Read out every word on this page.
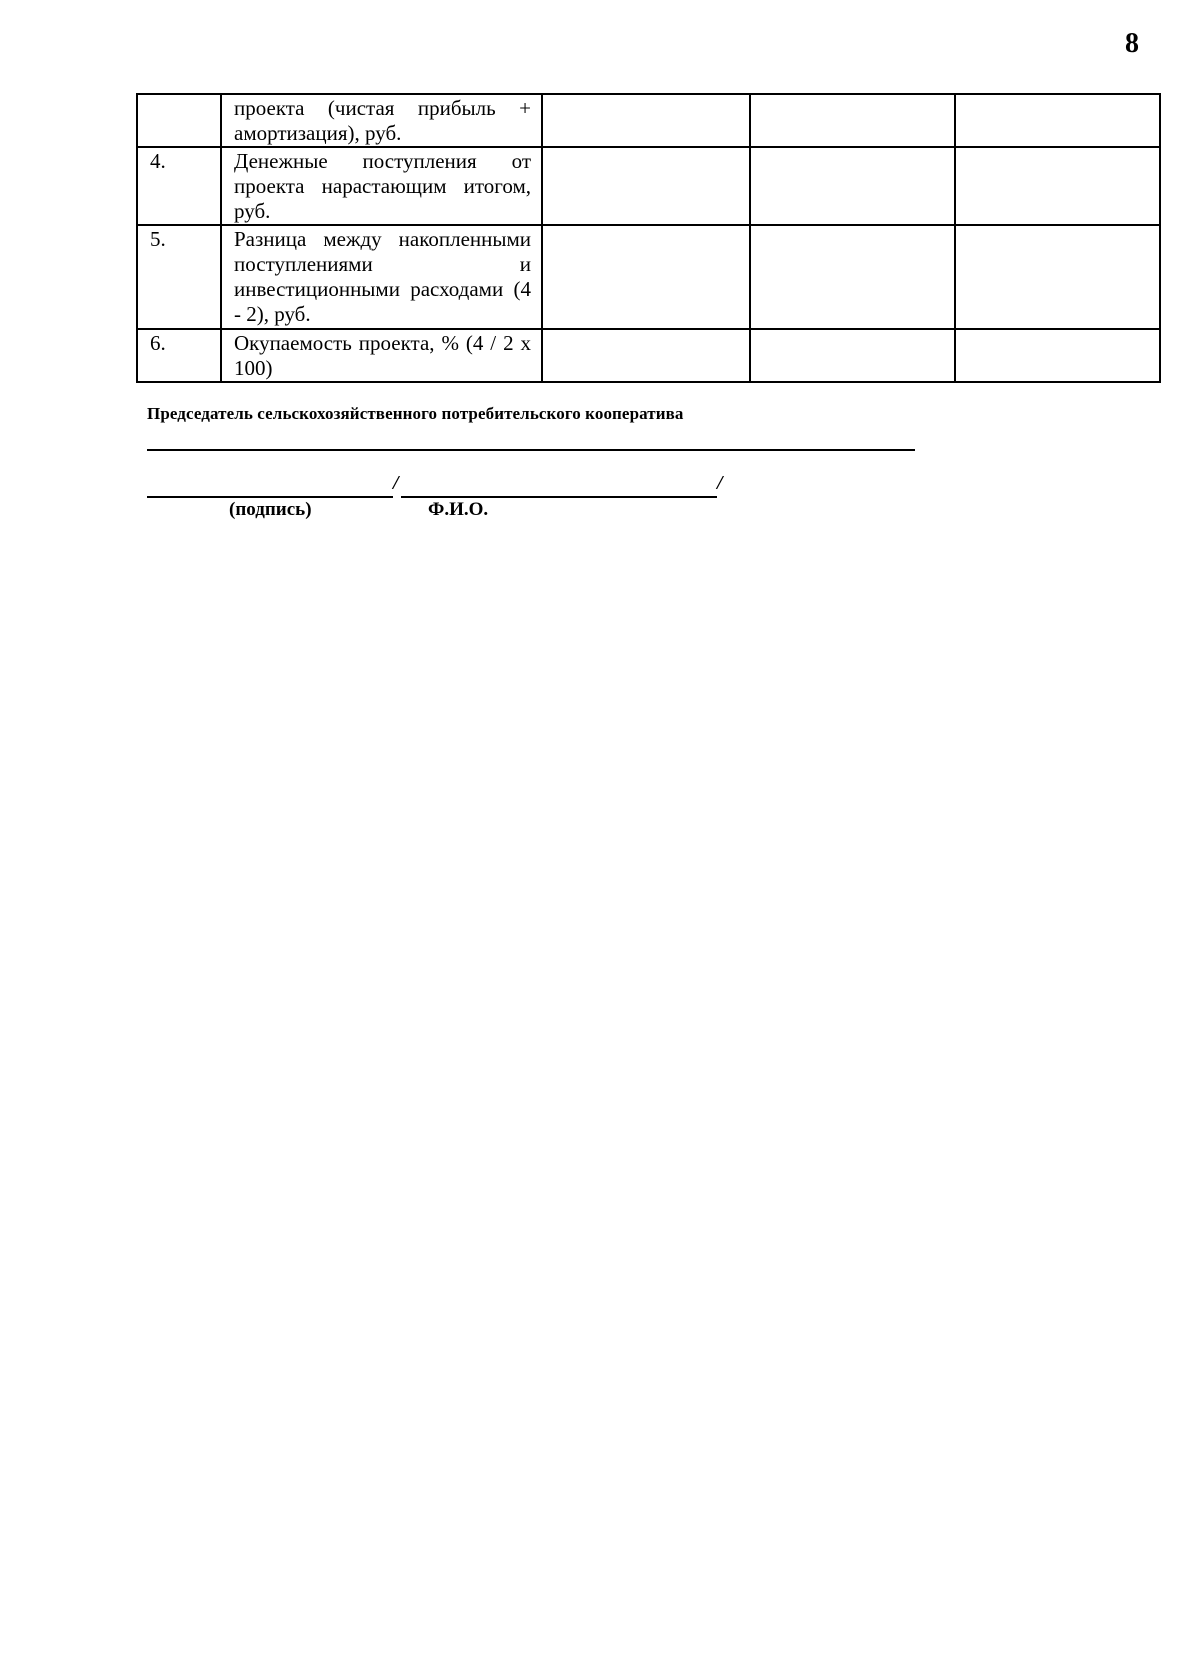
8
	проекта (чистая прибыль + амортизация), руб.			
4.	Денежные поступления от проекта нарастающим итогом, руб.			
5.	Разница между накопленными поступлениями и инвестиционными расходами (4 - 2), руб.			
6.	Окупаемость проекта, % (4 / 2 х 100)			
Председатель сельскохозяйственного потребительского кооператива
/	/
(подпись)	Ф.И.О.
